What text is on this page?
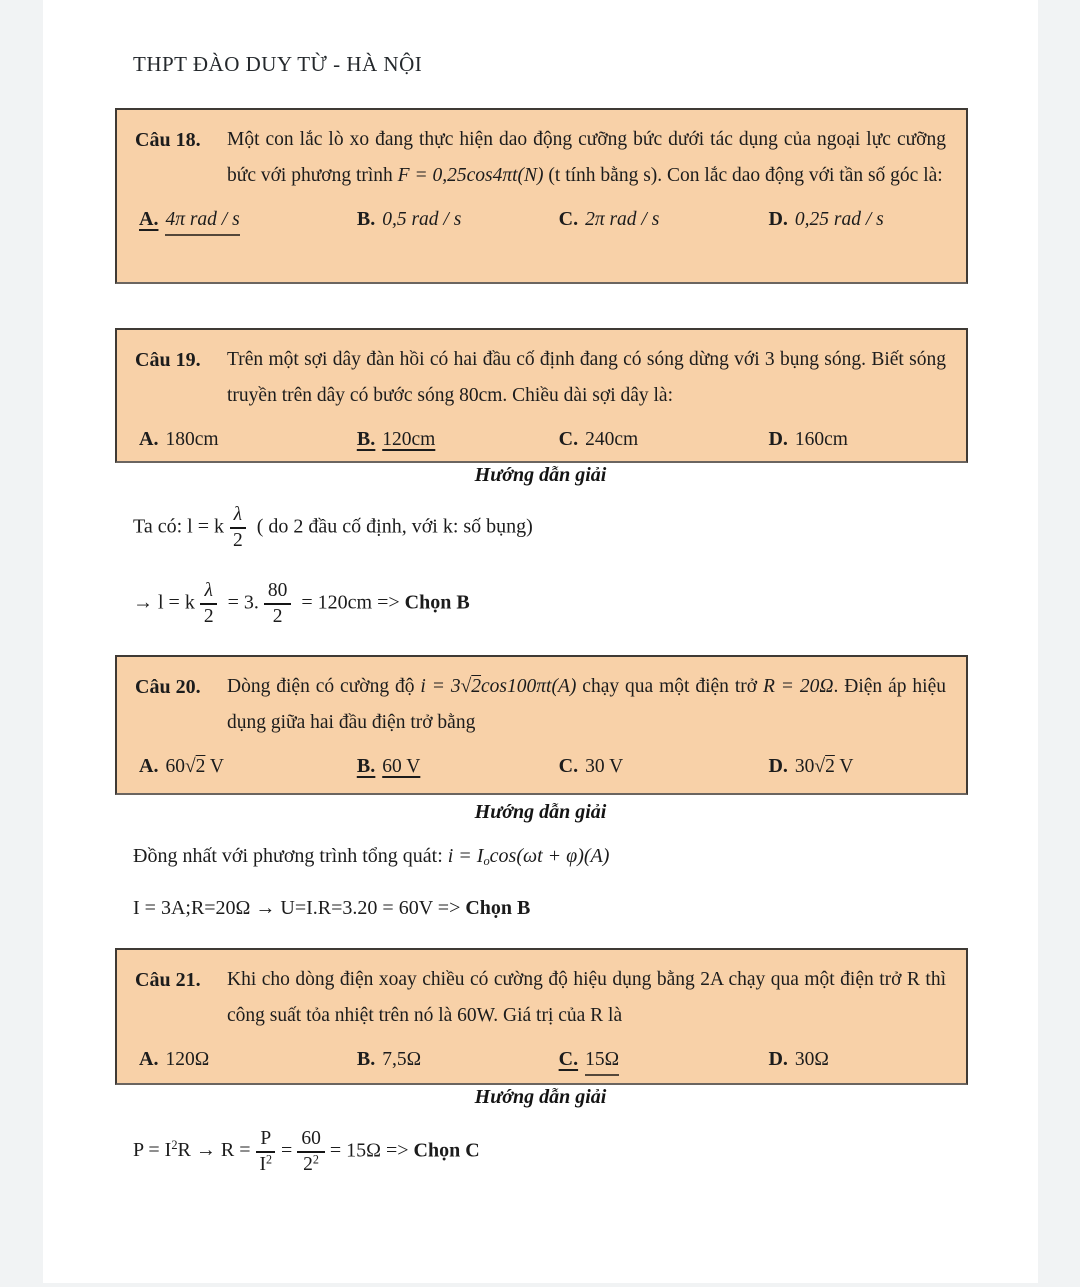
THPT ĐÀO DUY TỪ - HÀ NỘI
Câu 18.	Một con lắc lò xo đang thực hiện dao động cưỡng bức dưới tác dụng của ngoại lực cưỡng bức với phương trình F = 0,25cos4πt(N) (t tính bằng s). Con lắc dao động với tần số góc là:
A. 4π rad / s	B. 0,5 rad / s	C. 2π rad / s	D. 0,25 rad / s
Câu 19.	Trên một sợi dây đàn hồi có hai đầu cố định đang có sóng dừng với 3 bụng sóng. Biết sóng truyền trên dây có bước sóng 80cm. Chiều dài sợi dây là:
A. 180cm	B. 120cm	C. 240cm	D. 160cm
Hướng dẫn giải
Ta có: l = k $\frac{\lambda}{2}$ ( do 2 đầu cố định, với k: số bụng)
→ l = k $\frac{\lambda}{2} = 3$. $\frac{80}{2} = 120cm$ => Chọn B
Câu 20.	Dòng điện có cường độ i = 3√2cos100πt(A) chạy qua một điện trở R = 20Ω. Điện áp hiệu dụng giữa hai đầu điện trở bằng
A. 60√2 V	B. 60 V	C. 30 V	D. 30√2 V
Hướng dẫn giải
Đồng nhất với phương trình tổng quát: $i = I_o\cos(\omega t + \varphi)(A)$
I = 3A;R=20Ω → U=I.R=3.20 = 60V => Chọn B
Câu 21.	Khi cho dòng điện xoay chiều có cường độ hiệu dụng bằng 2A chạy qua một điện trở R thì công suất tỏa nhiệt trên nó là 60W. Giá trị của R là
A. 120Ω	B. 7,5Ω	C. 15Ω	D. 30Ω
Hướng dẫn giải
$P = I^2R \to R = \frac{P}{I^2} = \frac{60}{2^2} = 15\Omega$ => Chọn C
